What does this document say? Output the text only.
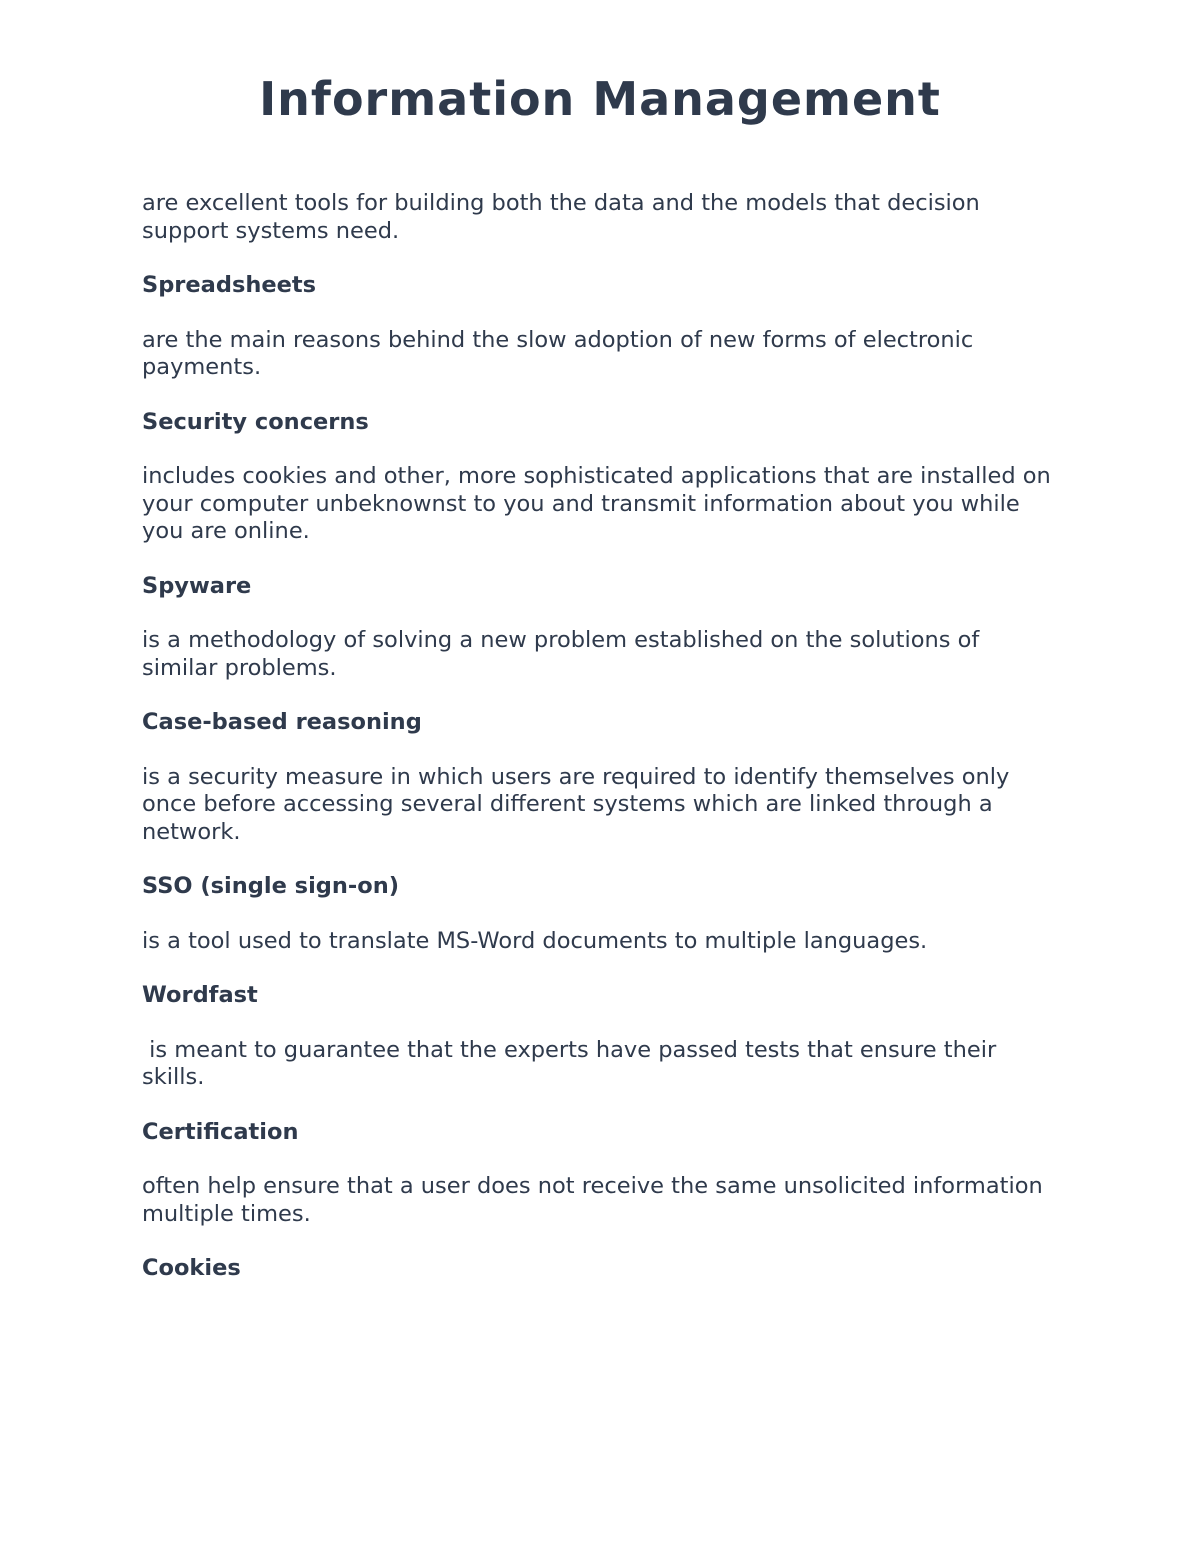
Information Management

are excellent tools for building both the data and the models that decision support systems need.

Spreadsheets

are the main reasons behind the slow adoption of new forms of electronic payments.

Security concerns

includes cookies and other, more sophisticated applications that are installed on your computer unbeknownst to you and transmit information about you while you are online.

Spyware

is a methodology of solving a new problem established on the solutions of similar problems.

Case-based reasoning

is a security measure in which users are required to identify themselves only once before accessing several different systems which are linked through a network.

SSO (single sign-on)

is a tool used to translate MS-Word documents to multiple languages.

Wordfast

is meant to guarantee that the experts have passed tests that ensure their skills.

Certification

often help ensure that a user does not receive the same unsolicited information multiple times.

Cookies
